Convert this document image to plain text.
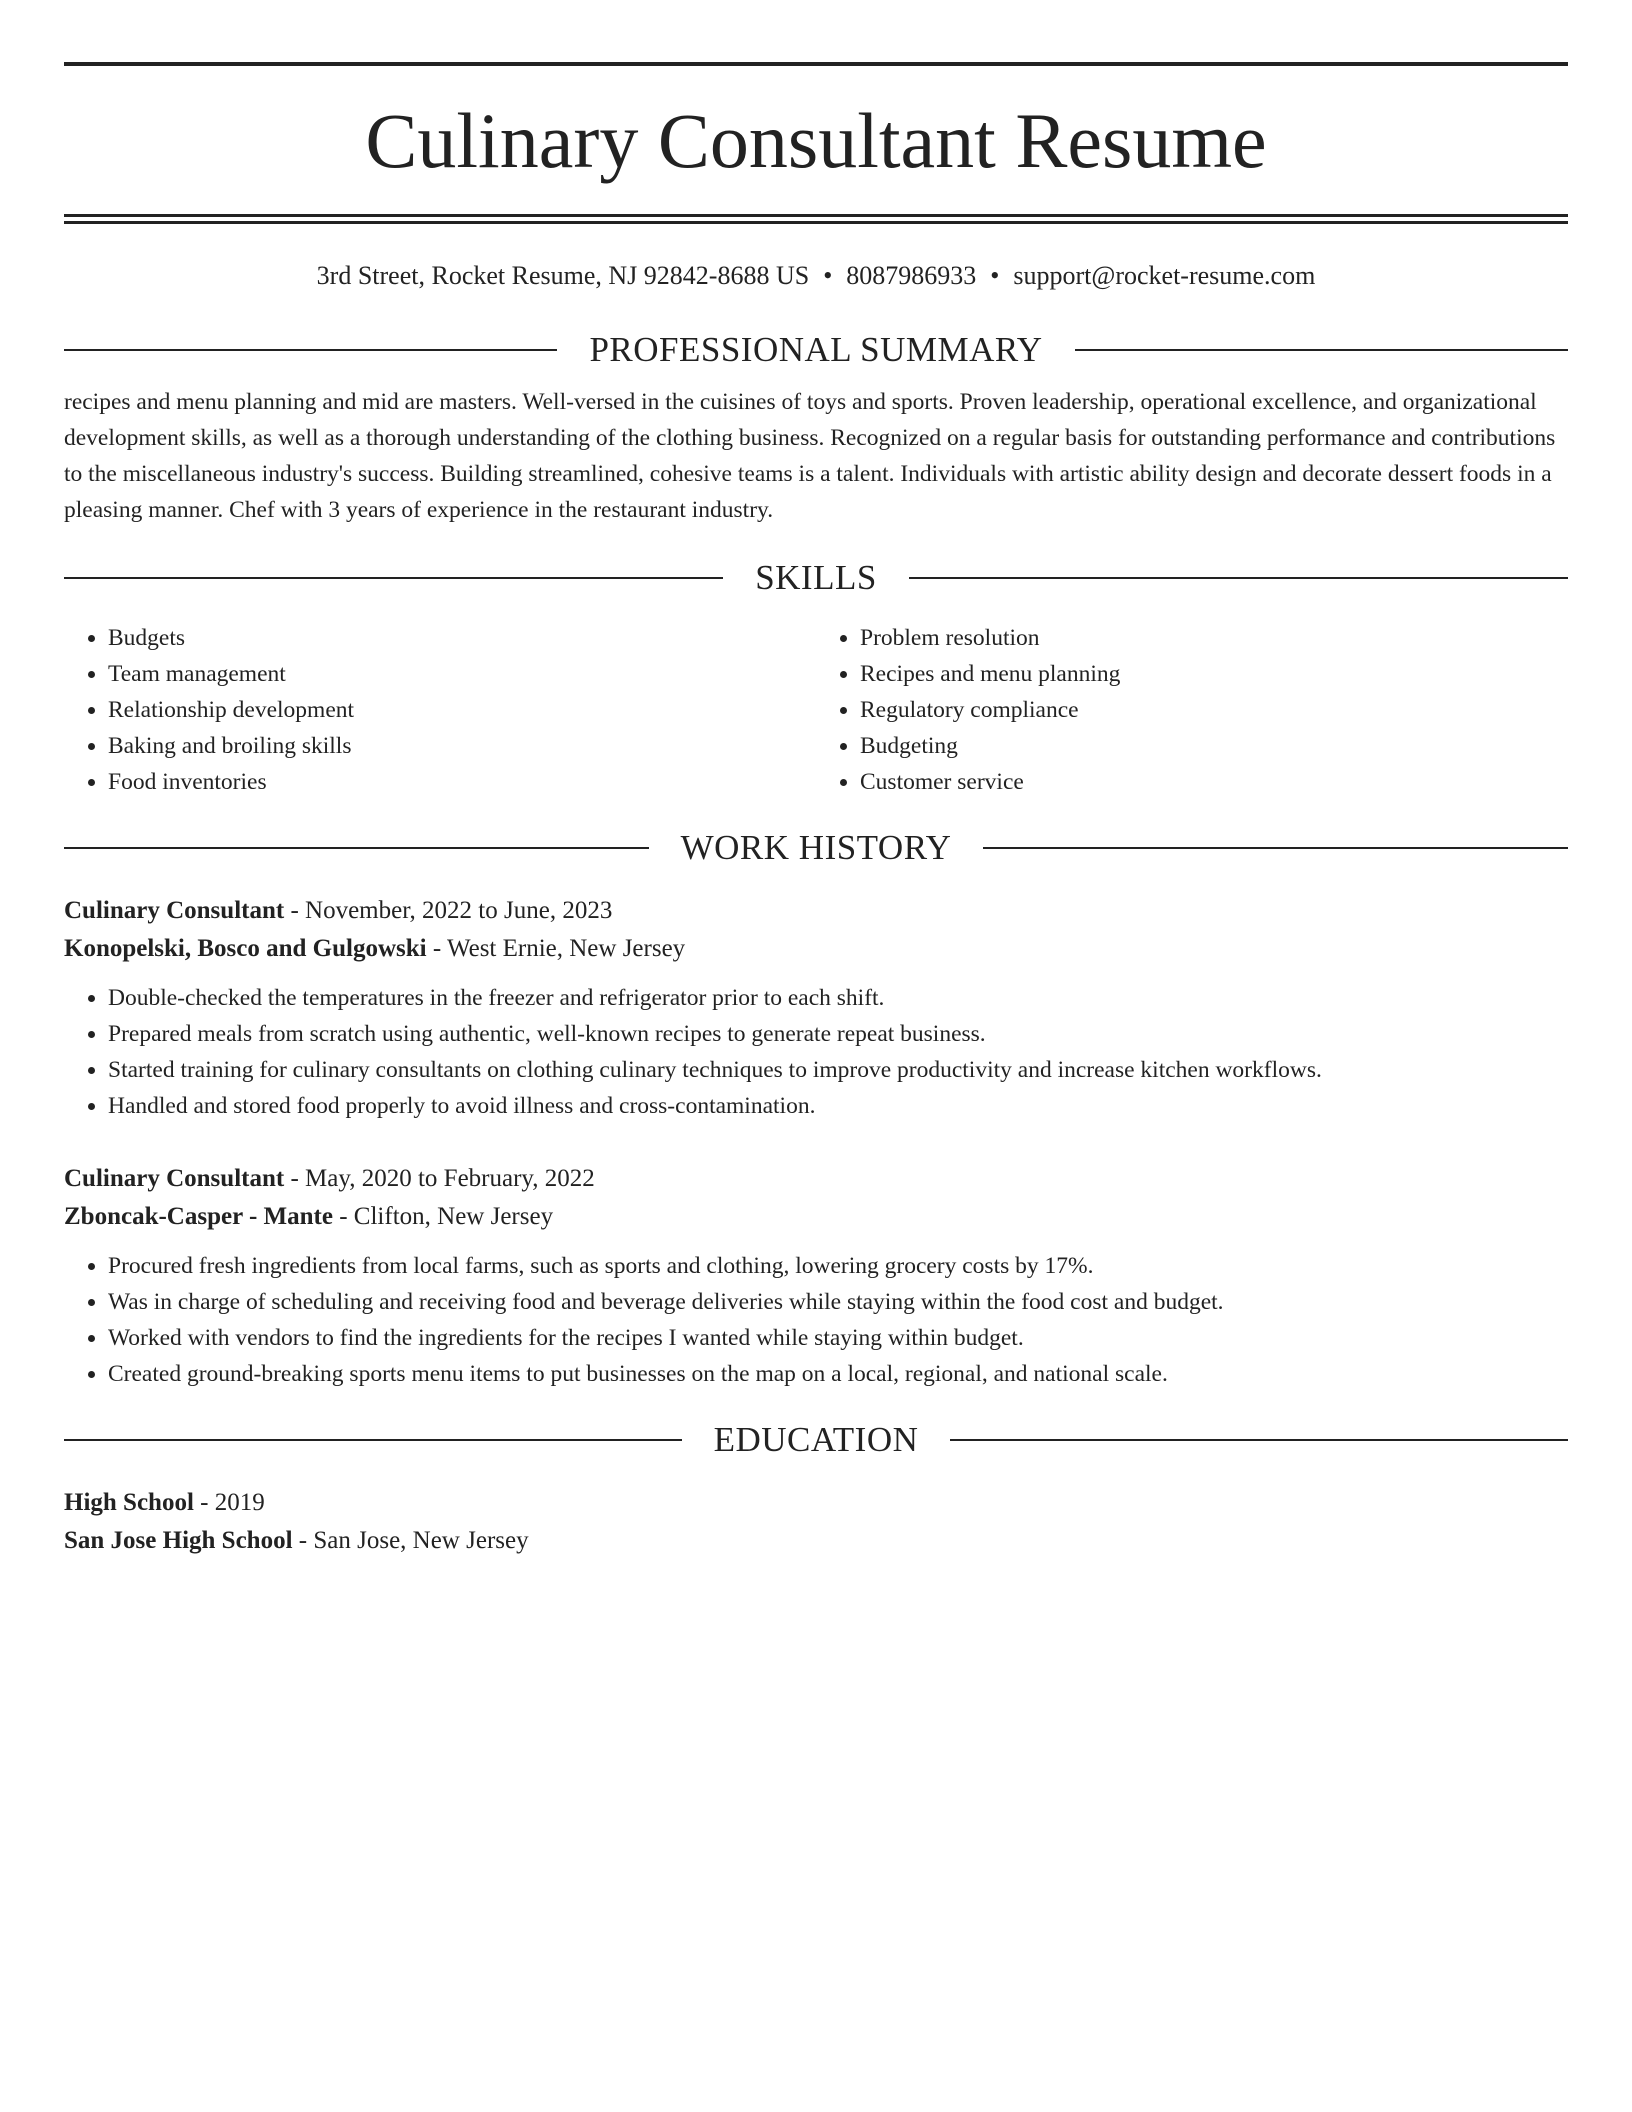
Culinary Consultant Resume
3rd Street, Rocket Resume, NJ 92842-8688 US • 8087986933 • support@rocket-resume.com
PROFESSIONAL SUMMARY

recipes and menu planning and mid are masters. Well-versed in the cuisines of toys and sports. Proven leadership, operational excellence, and organizational development skills, as well as a thorough understanding of the clothing business. Recognized on a regular basis for outstanding performance and contributions to the miscellaneous industry's success. Building streamlined, cohesive teams is a talent. Individuals with artistic ability design and decorate dessert foods in a pleasing manner. Chef with 3 years of experience in the restaurant industry.

SKILLS
• Budgets
• Team management
• Relationship development
• Baking and broiling skills
• Food inventories
• Problem resolution
• Recipes and menu planning
• Regulatory compliance
• Budgeting
• Customer service
WORK HISTORY
Culinary Consultant - November, 2022 to June, 2023
Konopelski, Bosco and Gulgowski - West Ernie, New Jersey
• Double-checked the temperatures in the freezer and refrigerator prior to each shift.
• Prepared meals from scratch using authentic, well-known recipes to generate repeat business.
• Started training for culinary consultants on clothing culinary techniques to improve productivity and increase kitchen workflows.
• Handled and stored food properly to avoid illness and cross-contamination.
Culinary Consultant - May, 2020 to February, 2022
Zboncak-Casper - Mante - Clifton, New Jersey
• Procured fresh ingredients from local farms, such as sports and clothing, lowering grocery costs by 17%.
• Was in charge of scheduling and receiving food and beverage deliveries while staying within the food cost and budget.
• Worked with vendors to find the ingredients for the recipes I wanted while staying within budget.
• Created ground-breaking sports menu items to put businesses on the map on a local, regional, and national scale.
EDUCATION
High School - 2019
San Jose High School - San Jose, New Jersey
